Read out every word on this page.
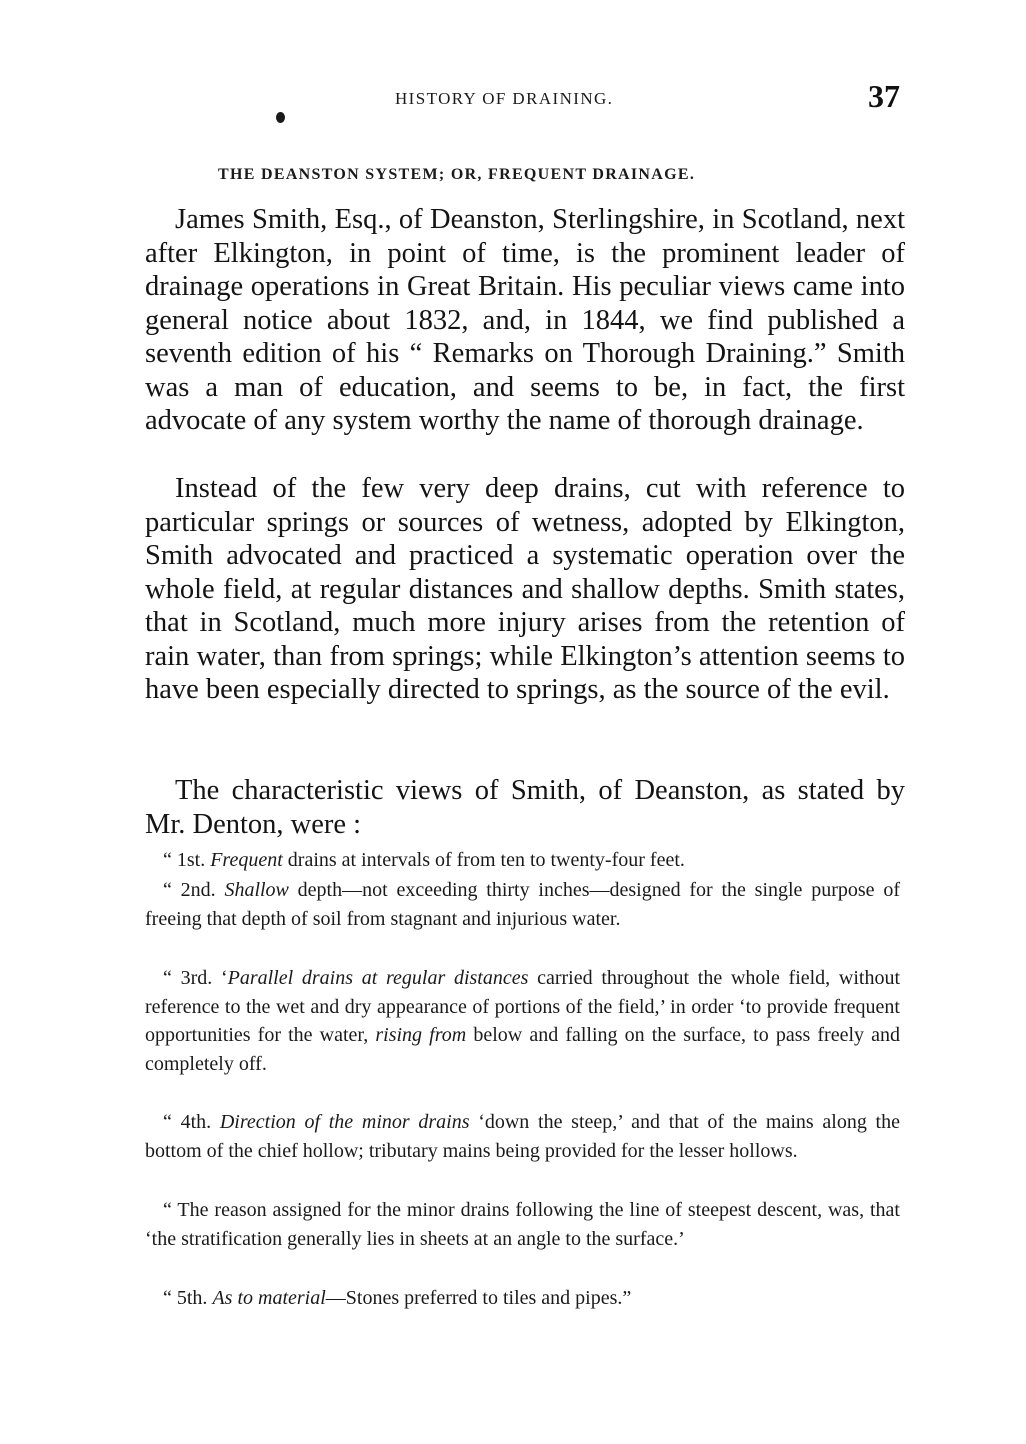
HISTORY OF DRAINING.	37
THE DEANSTON SYSTEM; OR, FREQUENT DRAINAGE.

James Smith, Esq., of Deanston, Sterlingshire, in Scotland, next after Elkington, in point of time, is the prominent leader of drainage operations in Great Britain. His peculiar views came into general notice about 1832, and, in 1844, we find published a seventh edition of his “ Remarks on Thorough Draining.” Smith was a man of education, and seems to be, in fact, the first advocate of any system worthy the name of thorough drainage.

Instead of the few very deep drains, cut with reference to particular springs or sources of wetness, adopted by Elkington, Smith advocated and practiced a systematic operation over the whole field, at regular distances and shallow depths. Smith states, that in Scotland, much more injury arises from the retention of rain water, than from springs; while Elkington’s attention seems to have been especially directed to springs, as the source of the evil.

The characteristic views of Smith, of Deanston, as stated by Mr. Denton, were :

“ 1st. Frequent drains at intervals of from ten to twenty-four feet.

“ 2nd. Shallow depth—not exceeding thirty inches—designed for the single purpose of freeing that depth of soil from stagnant and injurious water.

“ 3rd. ‘Parallel drains at regular distances carried throughout the whole field, without reference to the wet and dry appearance of portions of the field,’ in order ‘to provide frequent opportunities for the water, rising from below and falling on the surface, to pass freely and completely off.

“ 4th. Direction of the minor drains ‘down the steep,’ and that of the mains along the bottom of the chief hollow; tributary mains being provided for the lesser hollows.

“ The reason assigned for the minor drains following the line of steepest descent, was, that ‘the stratification generally lies in sheets at an angle to the surface.’

“ 5th. As to material—Stones preferred to tiles and pipes.”
